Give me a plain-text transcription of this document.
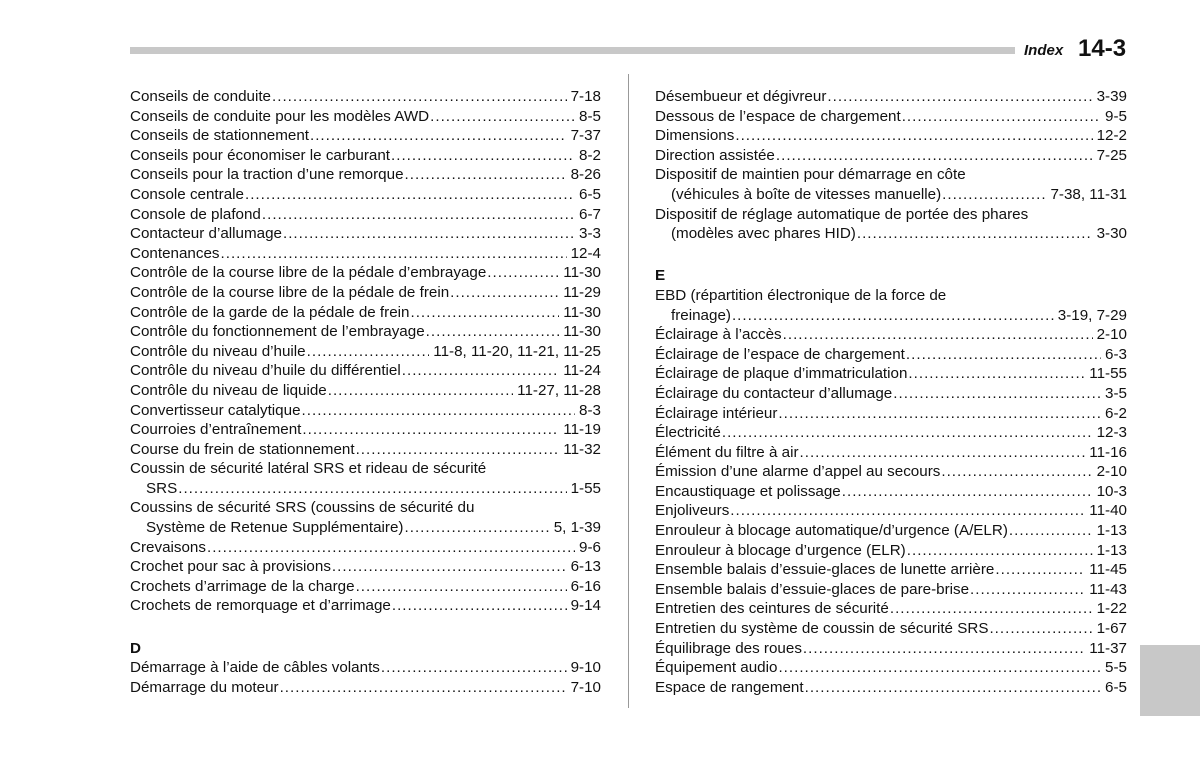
Index 14-3
Conseils de conduite .....	7-18
Conseils de conduite pour les modèles AWD .....	8-5
Conseils de stationnement .....	7-37
Conseils pour économiser le carburant .....	8-2
Conseils pour la traction d’une remorque .....	8-26
Console centrale .....	6-5
Console de plafond .....	6-7
Contacteur d’allumage .....	3-3
Contenances .....	12-4
Contrôle de la course libre de la pédale d’embrayage .....	11-30
Contrôle de la course libre de la pédale de frein .....	11-29
Contrôle de la garde de la pédale de frein .....	11-30
Contrôle du fonctionnement de l’embrayage .....	11-30
Contrôle du niveau d’huile .....	11-8, 11-20, 11-21, 11-25
Contrôle du niveau d’huile du différentiel .....	11-24
Contrôle du niveau de liquide .....	11-27, 11-28
Convertisseur catalytique .....	8-3
Courroies d’entraînement .....	11-19
Course du frein de stationnement .....	11-32
Coussin de sécurité latéral SRS et rideau de sécurité
SRS .....	1-55
Coussins de sécurité SRS (coussins de sécurité du
Système de Retenue Supplémentaire) .....	5, 1-39
Crevaisons .....	9-6
Crochet pour sac à provisions .....	6-13
Crochets d’arrimage de la charge .....	6-16
Crochets de remorquage et d’arrimage .....	9-14
D
Démarrage à l’aide de câbles volants .....	9-10
Démarrage du moteur .....	7-10
Désembueur et dégivreur .....	3-39
Dessous de l’espace de chargement .....	9-5
Dimensions .....	12-2
Direction assistée .....	7-25
Dispositif de maintien pour démarrage en côte
(véhicules à boîte de vitesses manuelle) .....	7-38, 11-31
Dispositif de réglage automatique de portée des phares
(modèles avec phares HID) .....	3-30
E
EBD (répartition électronique de la force de
freinage) .....	3-19, 7-29
Éclairage à l’accès .....	2-10
Éclairage de l’espace de chargement .....	6-3
Éclairage de plaque d’immatriculation .....	11-55
Éclairage du contacteur d’allumage .....	3-5
Éclairage intérieur .....	6-2
Électricité .....	12-3
Élément du filtre à air .....	11-16
Émission d’une alarme d’appel au secours .....	2-10
Encaustiquage et polissage .....	10-3
Enjoliveurs .....	11-40
Enrouleur à blocage automatique/d’urgence (A/ELR) .....	1-13
Enrouleur à blocage d’urgence (ELR) .....	1-13
Ensemble balais d’essuie-glaces de lunette arrière .....	11-45
Ensemble balais d’essuie-glaces de pare-brise .....	11-43
Entretien des ceintures de sécurité .....	1-22
Entretien du système de coussin de sécurité SRS .....	1-67
Équilibrage des roues .....	11-37
Équipement audio .....	5-5
Espace de rangement .....	6-5
